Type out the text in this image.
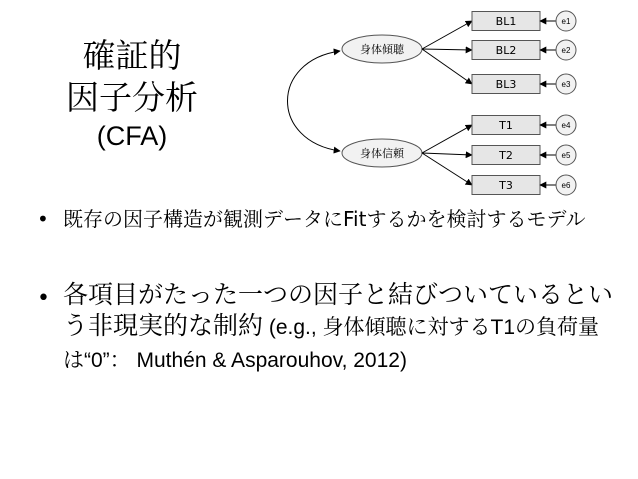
確証的
因子分析
(CFA)
身体傾聴
BL1	e1
BL2	e2
BL3	e3
身体信頼
T1	e4
T2	e5
T3	e6
• 既存の因子構造が観測データにFitするかを検討するモデル
• 各項目がたった一つの因子と結びついているという非現実的な制約 (e.g., 身体傾聴に対するT1の負荷量は“0”： Muthén & Asparouhov, 2012)
